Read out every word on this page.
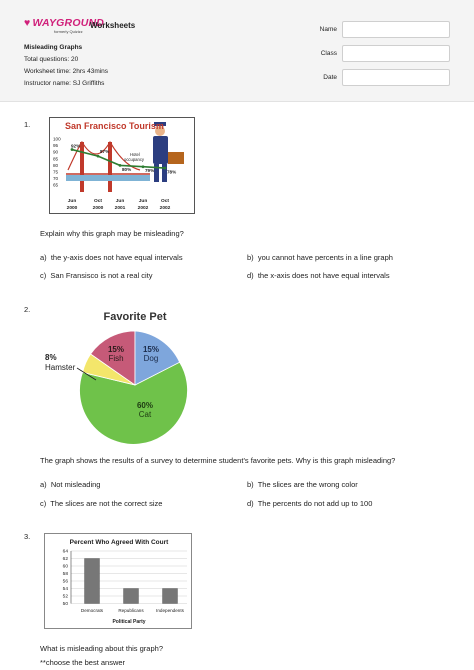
♥ WAYGROUND
formerly Quizizz
Worksheets
Misleading Graphs
Total questions: 20
Worksheet time: 2hrs 43mins
Instructor name: SJ Griffiths
Name
Class
Date
1.	San Francisco Tourism
Hotel occupancy
100
95
90
85
80
75
70
65
Jun
2000
Oct
2000
Jun
2001
Jun
2002
Oct
2002
92%
87%
80%	79%	78%
Explain why this graph may be misleading?
a) the y-axis does not have equal intervals	b) you cannot have percents in a line graph
c) San Fransisco is not a real city	d) the x-axis does not have equal intervals
2.
Favorite Pet
15%
Fish
15%
Dog
60%
Cat
8%
Hamster
The graph shows the results of a survey to determine student's favorite pets. Why is this graph misleading?
a) Not misleading	b) The slices are the wrong color
c) The slices are not the correct size	d) The percents do not add up to 100
3.
Percent Who Agreed With Court
64
62
60
58
56
54
52
50
Democrats	Republicans	Independents
Political Party
What is misleading about this graph?
**choose the best answer
